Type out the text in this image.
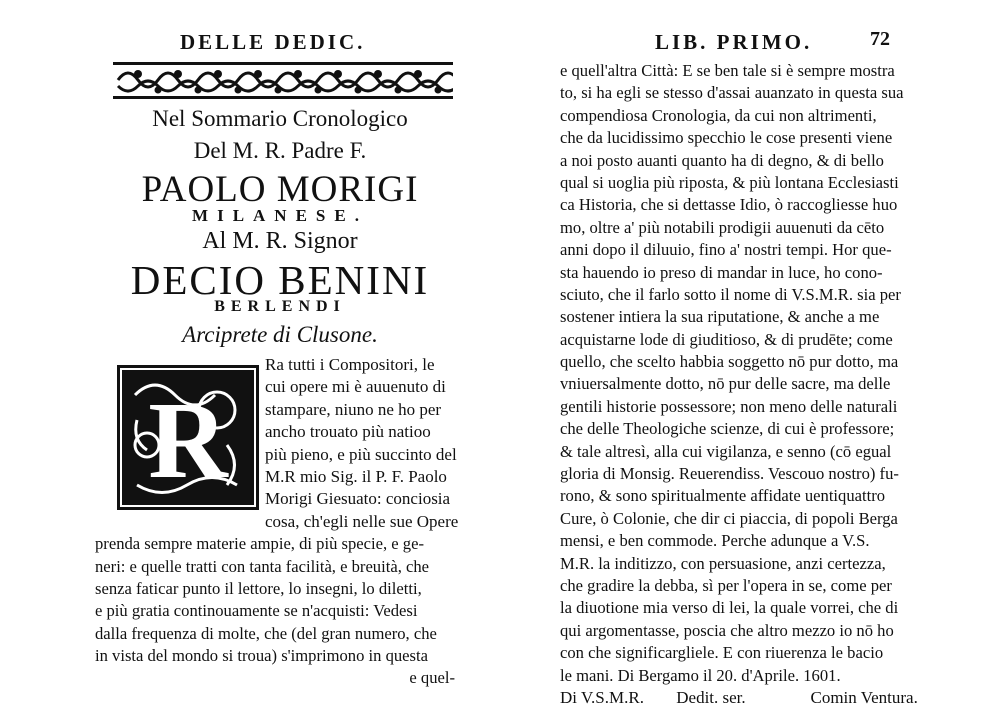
DELLE DEDIC.
Nel Sommario Cronologico
Del M. R. Padre F.
PAOLO MORIGI
MILANESE.
Al M. R. Signor
DECIO BENINI
BERLENDI
Arciprete di Clusone.
R
Ra tutti i Compositori, le
cui opere mi è auuenuto di
stampare, niuno ne ho per
ancho trouato più natioo
più pieno, e più succinto del
M.R mio Sig. il P. F. Paolo
Morigi Giesuato: conciosia
cosa, ch'egli nelle sue Opere
prenda sempre materie ampie, di più specie, e ge-
neri: e quelle tratti con tanta facilità, e breuità, che
senza faticar punto il lettore, lo insegni, lo diletti,
e più gratia continouamente se n'acquisti: Vedesi
dalla frequenza di molte, che (del gran numero, che
in vista del mondo si troua) s'imprimono in questa
e quel-
LIB. PRIMO.	72
e quell'altra Città: E se ben tale si è sempre mostra
to, si ha egli se stesso d'assai auanzato in questa sua
compendiosa Cronologia, da cui non altrimenti,
che da lucidissimo specchio le cose presenti viene
a noi posto auanti quanto ha di degno, & di bello
qual si uoglia più riposta, & più lontana Ecclesiasti
ca Historia, che si dettasse Idio, ò raccogliesse huo
mo, oltre a' più notabili prodigii auuenuti da cēto
anni dopo il diluuio, fino a' nostri tempi. Hor que-
sta hauendo io preso di mandar in luce, ho cono-
sciuto, che il farlo sotto il nome di V.S.M.R. sia per
sostener intiera la sua riputatione, & anche a me
acquistarne lode di giuditioso, & di prudēte; come
quello, che scelto habbia soggetto nō pur dotto, ma
vniuersalmente dotto, nō pur delle sacre, ma delle
gentili historie possessore; non meno delle naturali
che delle Theologiche scienze, di cui è professore;
& tale altresì, alla cui vigilanza, e senno (cō egual
gloria di Monsig. Reuerendiss. Vescouo nostro) fu-
rono, & sono spiritualmente affidate uentiquattro
Cure, ò Colonie, che dir ci piaccia, di popoli Berga
mensi, e ben commode. Perche adunque a V.S.
M.R. la inditizzo, con persuasione, anzi certezza,
che gradire la debba, sì per l'opera in se, come per
la diuotione mia verso di lei, la quale vorrei, che di
qui argomentasse, poscia che altro mezzo io nō ho
con che significargliele. E con riuerenza le bacio
le mani. Di Bergamo il 20. d'Aprile. 1601.
Di V.S.M.R. Dedit. ser.	Comin Ventura.
